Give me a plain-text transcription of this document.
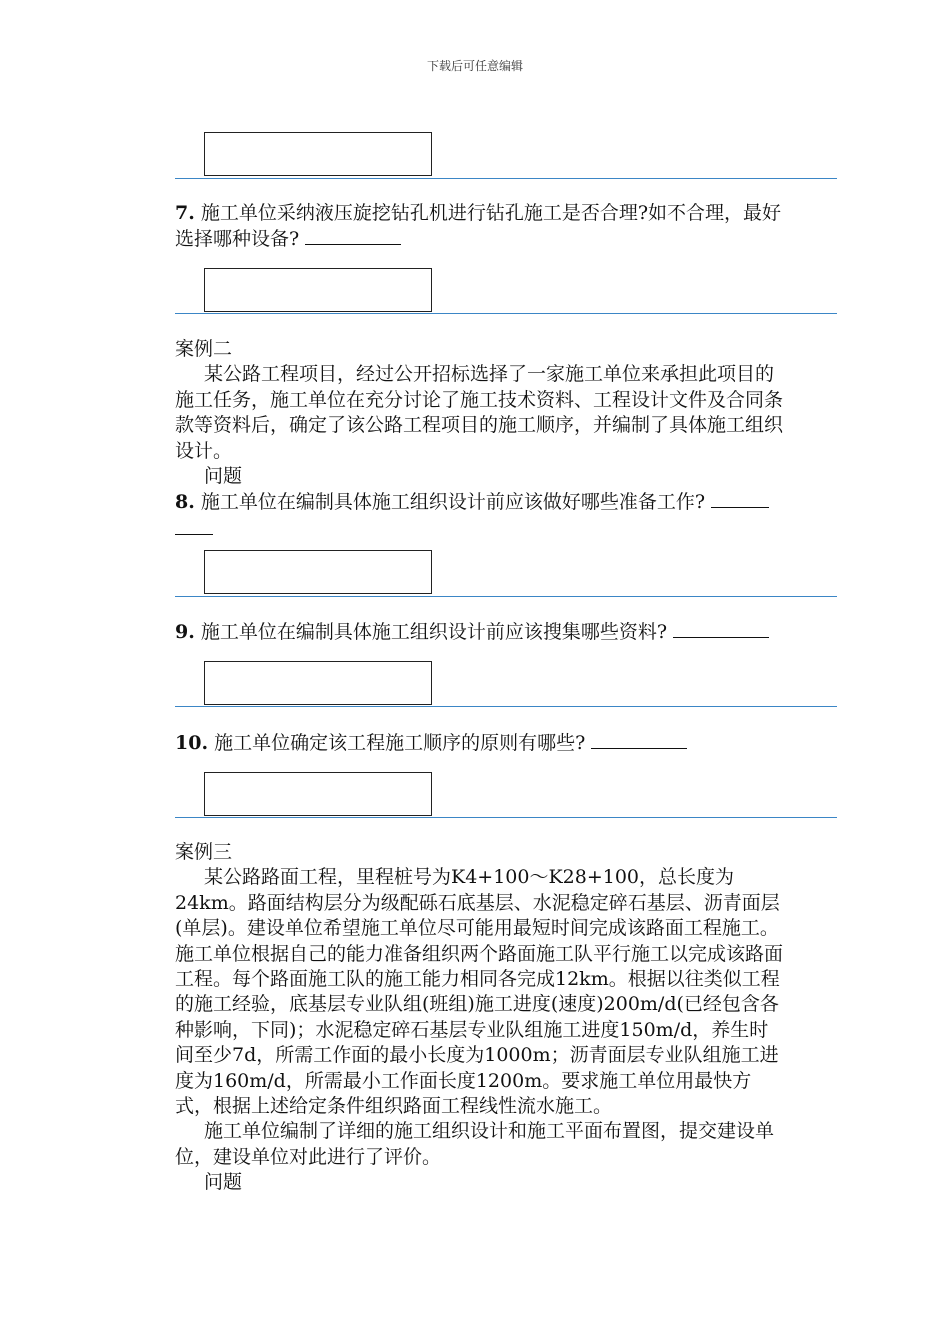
下载后可任意编辑
7. 施工单位采纳液压旋挖钻孔机进行钻孔施工是否合理?如不合理，最好选择哪种设备?
案例二
某公路工程项目，经过公开招标选择了一家施工单位来承担此项目的施工任务，施工单位在充分讨论了施工技术资料、工程设计文件及合同条款等资料后，确定了该公路工程项目的施工顺序，并编制了具体施工组织设计。
问题
8. 施工单位在编制具体施工组织设计前应该做好哪些准备工作?

9. 施工单位在编制具体施工组织设计前应该搜集哪些资料?
10. 施工单位确定该工程施工顺序的原则有哪些?
案例三
某公路路面工程，里程桩号为K4+100～K28+100，总长度为24km。路面结构层分为级配砾石底基层、水泥稳定碎石基层、沥青面层(单层)。建设单位希望施工单位尽可能用最短时间完成该路面工程施工。施工单位根据自己的能力准备组织两个路面施工队平行施工以完成该路面工程。每个路面施工队的施工能力相同各完成12km。根据以往类似工程的施工经验，底基层专业队组(班组)施工进度(速度)200m/d(已经包含各种影响，下同)；水泥稳定碎石基层专业队组施工进度150m/d，养生时间至少7d，所需工作面的最小长度为1000m；沥青面层专业队组施工进度为160m/d，所需最小工作面长度1200m。要求施工单位用最快方式，根据上述给定条件组织路面工程线性流水施工。
施工单位编制了详细的施工组织设计和施工平面布置图，提交建设单位，建设单位对此进行了评价。
问题
